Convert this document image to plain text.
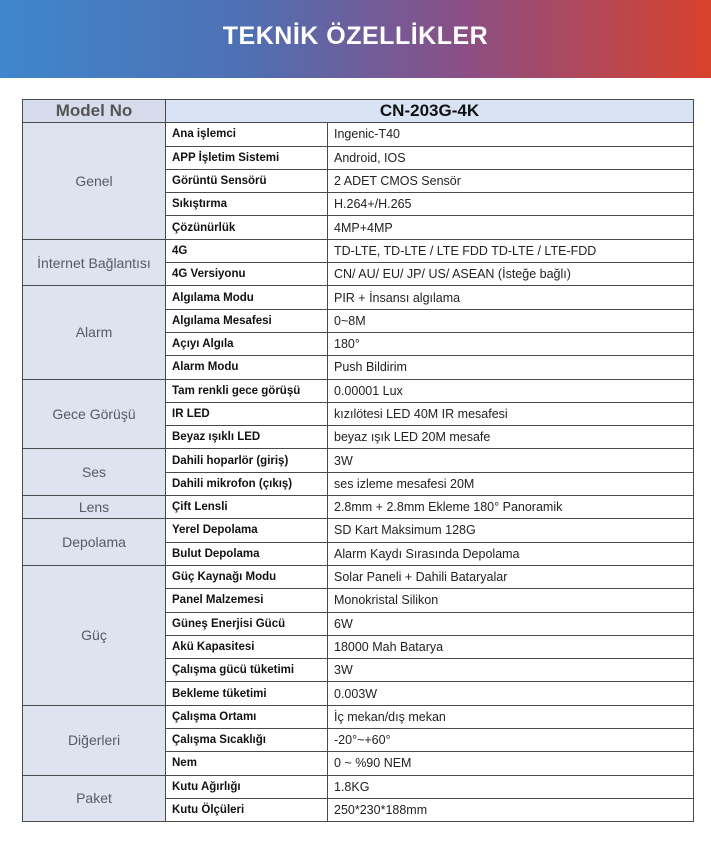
TEKNİK ÖZELLİKLER
Model No	CN-203G-4K	
Genel	Ana işlemci	Ingenic-T40
	APP İşletim Sistemi	Android, IOS
	Görüntü Sensörü	2 ADET CMOS Sensör
	Sıkıştırma	H.264+/H.265
	Çözünürlük	4MP+4MP
İnternet Bağlantısı	4G	TD-LTE, TD-LTE / LTE FDD TD-LTE / LTE-FDD
	4G Versiyonu	CN/ AU/ EU/ JP/ US/ ASEAN (İsteğe bağlı)
Alarm	Algılama Modu	PIR + İnsansı algılama
	Algılama Mesafesi	0~8M
	Açıyı Algıla	180°
	Alarm Modu	Push Bildirim
Gece Görüşü	Tam renkli gece görüşü	0.00001 Lux
	IR LED	kızılötesi LED 40M IR mesafesi
	Beyaz ışıklı LED	beyaz ışık LED 20M mesafe
Ses	Dahili hoparlör (giriş)	3W
	Dahili mikrofon (çıkış)	ses izleme mesafesi 20M
Lens	Çift Lensli	2.8mm + 2.8mm Ekleme 180° Panoramik
Depolama	Yerel Depolama	SD Kart Maksimum 128G
	Bulut Depolama	Alarm Kaydı Sırasında Depolama
Güç	Güç Kaynağı Modu	Solar Paneli + Dahili Bataryalar
	Panel Malzemesi	Monokristal Silikon
	Güneş Enerjisi Gücü	6W
	Akü Kapasitesi	18000 Mah Batarya
	Çalışma gücü tüketimi	3W
	Bekleme tüketimi	0.003W
Diğerleri	Çalışma Ortamı	İç mekan/dış mekan
	Çalışma Sıcaklığı	-20°~+60°
	Nem	0 ~ %90 NEM
Paket	Kutu Ağırlığı	1.8KG
	Kutu Ölçüleri	250*230*188mm
